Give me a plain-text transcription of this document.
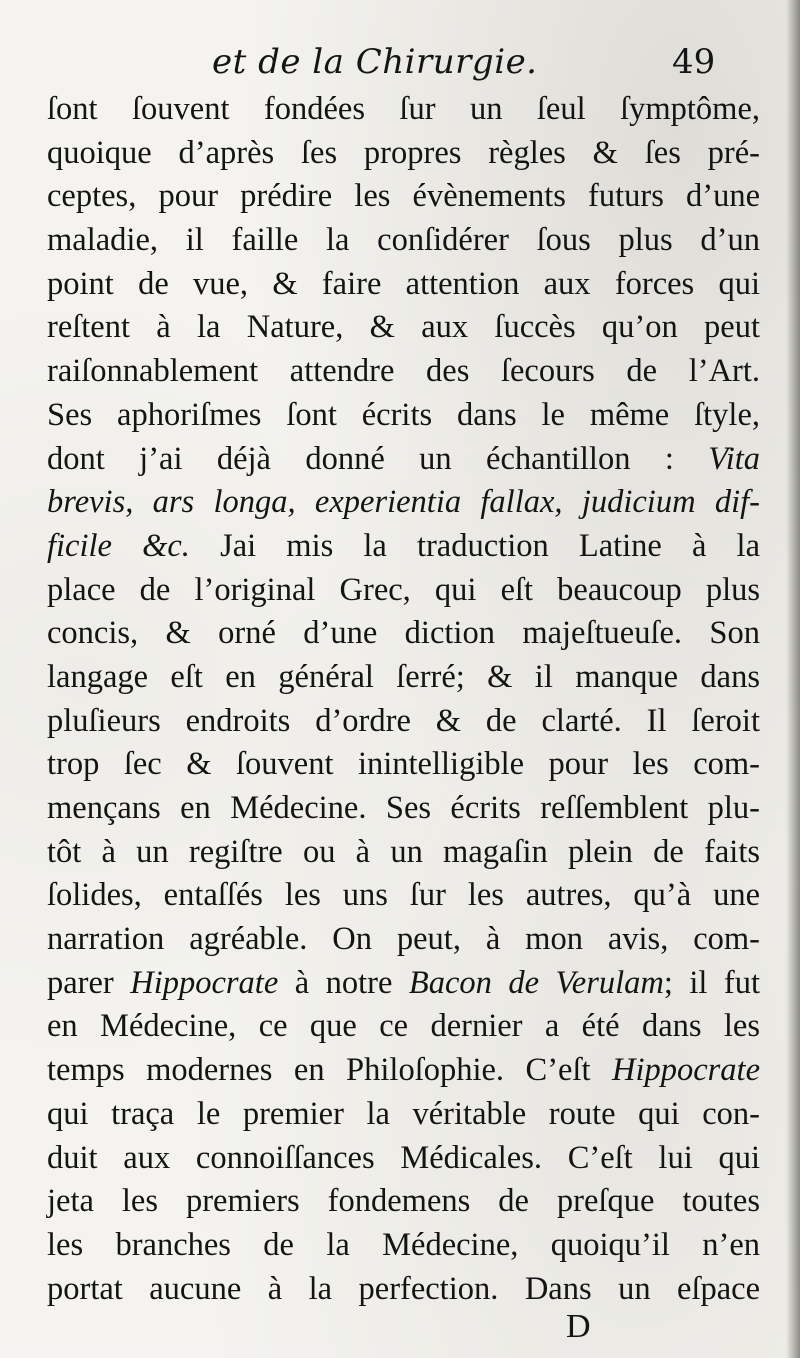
et de la Chirurgie.	49
ſont ſouvent fondées ſur un ſeul ſymptôme,
quoique d’après ſes propres règles & ſes pré-
ceptes, pour prédire les évènements futurs d’une
maladie, il faille la conſidérer ſous plus d’un
point de vue, & faire attention aux forces qui
reſtent à la Nature, & aux ſuccès qu’on peut
raiſonnablement attendre des ſecours de l’Art.
Ses aphoriſmes ſont écrits dans le même ſtyle,
dont j’ai déjà donné un échantillon : Vita
brevis, ars longa, experientia fallax, judicium dif-
ficile &c. Jai mis la traduction Latine à la
place de l’original Grec, qui eſt beaucoup plus
concis, & orné d’une diction majeſtueuſe. Son
langage eſt en général ſerré; & il manque dans
pluſieurs endroits d’ordre & de clarté. Il ſeroit
trop ſec & ſouvent inintelligible pour les com-
mençans en Médecine. Ses écrits reſſemblent plu-
tôt à un regiſtre ou à un magaſin plein de faits
ſolides, entaſſés les uns ſur les autres, qu’à une
narration agréable. On peut, à mon avis, com-
parer Hippocrate à notre Bacon de Verulam; il fut
en Médecine, ce que ce dernier a été dans les
temps modernes en Philoſophie. C’eſt Hippocrate
qui traça le premier la véritable route qui con-
duit aux connoiſſances Médicales. C’eſt lui qui
jeta les premiers fondemens de preſque toutes
les branches de la Médecine, quoiqu’il n’en
portat aucune à la perfection. Dans un eſpace
D
